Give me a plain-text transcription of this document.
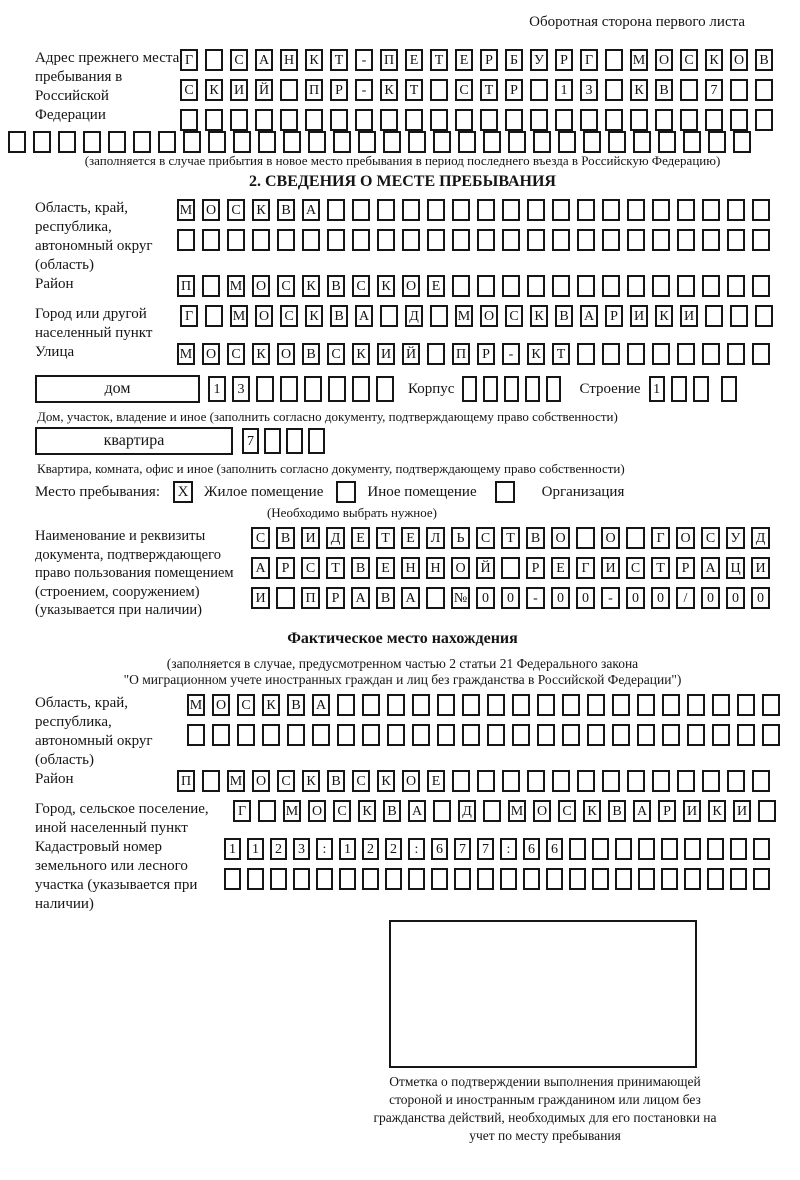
Оборотная сторона первого листа
Адрес прежнего места пребывания в Российской Федерации
Г	С	А Н	К	Т	-	П	Е	Т	Е	Р	Б	У	Р	Г	М О	С	К	О	В
С	К	И Й	П	Р	-	К	Т	С	Т	Р	1	3	К	В	7
(заполняется в случае прибытия в новое место пребывания в период последнего въезда в Российскую Федерацию)
2. СВЕДЕНИЯ О МЕСТЕ ПРЕБЫВАНИЯ
Область, край, республика, автономный округ (область)
М О	С	К	В	А
Район	П	М О	С	К	В	С	К	О	Е
Город или другой населенный пункт
Г	М О	С	К	В	А	Д	М О	С	К	В	А	Р	И	К	И
Улица	М О	С	К	О	В	С	К	И Й	П	Р	-	К	Т
дом	1	3	Корпус	Строение 1
Дом, участок, владение и иное (заполнить согласно документу, подтверждающему право собственности)
квартира	7
Квартира, комната, офис и иное (заполнить согласно документу, подтверждающему право собственности)
Место пребывания:	X	Жилое помещение	Иное помещение	Организация
(Необходимо выбрать нужное)
Наименование и реквизиты документа, подтверждающего право пользования помещением (строением, сооружением) (указывается при наличии)
С	В	И	Д	Е	Т	Е	Л	Ь	С	Т	В	О	О	Г	О	С	У	Д
А	Р	С	Т	В	Е	Н	Н	О	Й	Р	Е	Г	И	С	Т	Р	А	Ц	И
И	П	Р	А	В	А	№	0	0	-	0	0	-	0	0	/	0	0	0
Фактическое место нахождения
(заполняется в случае, предусмотренном частью 2 статьи 21 Федерального закона
"О миграционном учете иностранных граждан и лиц без гражданства в Российской Федерации")
Область, край, республика, автономный округ (область)
М О	С	К	В	А
Район	П	М О	С	К	В	С	К	О	Е
Город, сельское поселение, иной населенный пункт
Г	М О	С	К	В	А	Д	М О	С	К	В	А	Р	И	К	И
Кадастровый номер земельного или лесного участка (указывается при наличии)
1	1	2	3	:	1	2	2	:	6	7	7	:	6	6
Отметка о подтверждении выполнения принимающей стороной и иностранным гражданином или лицом без гражданства действий, необходимых для его постановки на учет по месту пребывания
